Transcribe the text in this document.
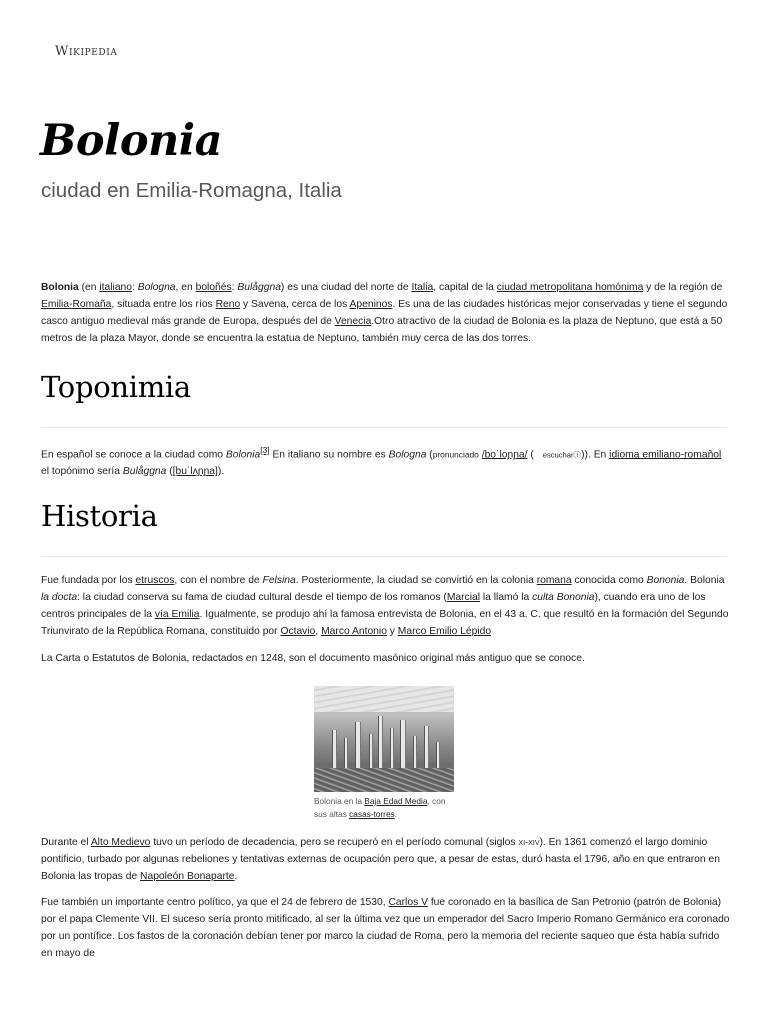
Wikipedia
Bolonia
ciudad en Emilia-Romagna, Italia

Bolonia (en italiano: Bologna, en boloñés: Bulåggna) es una ciudad del norte de Italia, capital de la ciudad metropolitana homónima y de la región de Emilia-Romaña, situada entre los ríos Reno y Savena, cerca de los Apeninos. Es una de las ciudades históricas mejor conservadas y tiene el segundo casco antiguo medieval más grande de Europa, después del de Venecia.Otro atractivo de la ciudad de Bolonia es la plaza de Neptuno, que está a 50 metros de la plaza Mayor, donde se encuentra la estatua de Neptuno, también muy cerca de las dos torres.

Toponimia

En español se conoce a la ciudad como Bolonia[3] En italiano su nombre es Bologna (pronunciado /boˈloɲɲa/ ( escucharⓘ)). En idioma emiliano-romañol el topónimo sería Bulåggna ([buˈlʌɲɲa]).

Historia

Fue fundada por los etruscos, con el nombre de Felsina. Posteriormente, la ciudad se convirtió en la colonia romana conocida como Bononia. Bolonia la docta: la ciudad conserva su fama de ciudad cultural desde el tiempo de los romanos (Marcial la llamó la culta Bononia), cuando era uno de los centros principales de la vía Emilia. Igualmente, se produjo ahí la famosa entrevista de Bolonia, en el 43 a. C. que resultó en la formación del Segundo Triunvirato de la República Romana, constituido por Octavio, Marco Antonio y Marco Emilio Lépido

La Carta o Estatutos de Bolonia, redactados en 1248, son el documento masónico original más antiguo que se conoce.

Bolonia en la Baja Edad Media, con sus altas casas-torres.

Durante el Alto Medievo tuvo un período de decadencia, pero se recuperó en el período comunal (siglos xi-xiv). En 1361 comenzó el largo dominio pontificio, turbado por algunas rebeliones y tentativas externas de ocupación pero que, a pesar de estas, duró hasta el 1796, año en que entraron en Bolonia las tropas de Napoleón Bonaparte.

Fue también un importante centro político, ya que el 24 de febrero de 1530, Carlos V fue coronado en la basílica de San Petronio (patrón de Bolonia) por el papa Clemente VII. El suceso sería pronto mitificado, al ser la última vez que un emperador del Sacro Imperio Romano Germánico era coronado por un pontífice. Los fastos de la coronación debían tener por marco la ciudad de Roma, pero la memoria del reciente saqueo que ésta había sufrido en mayo de
